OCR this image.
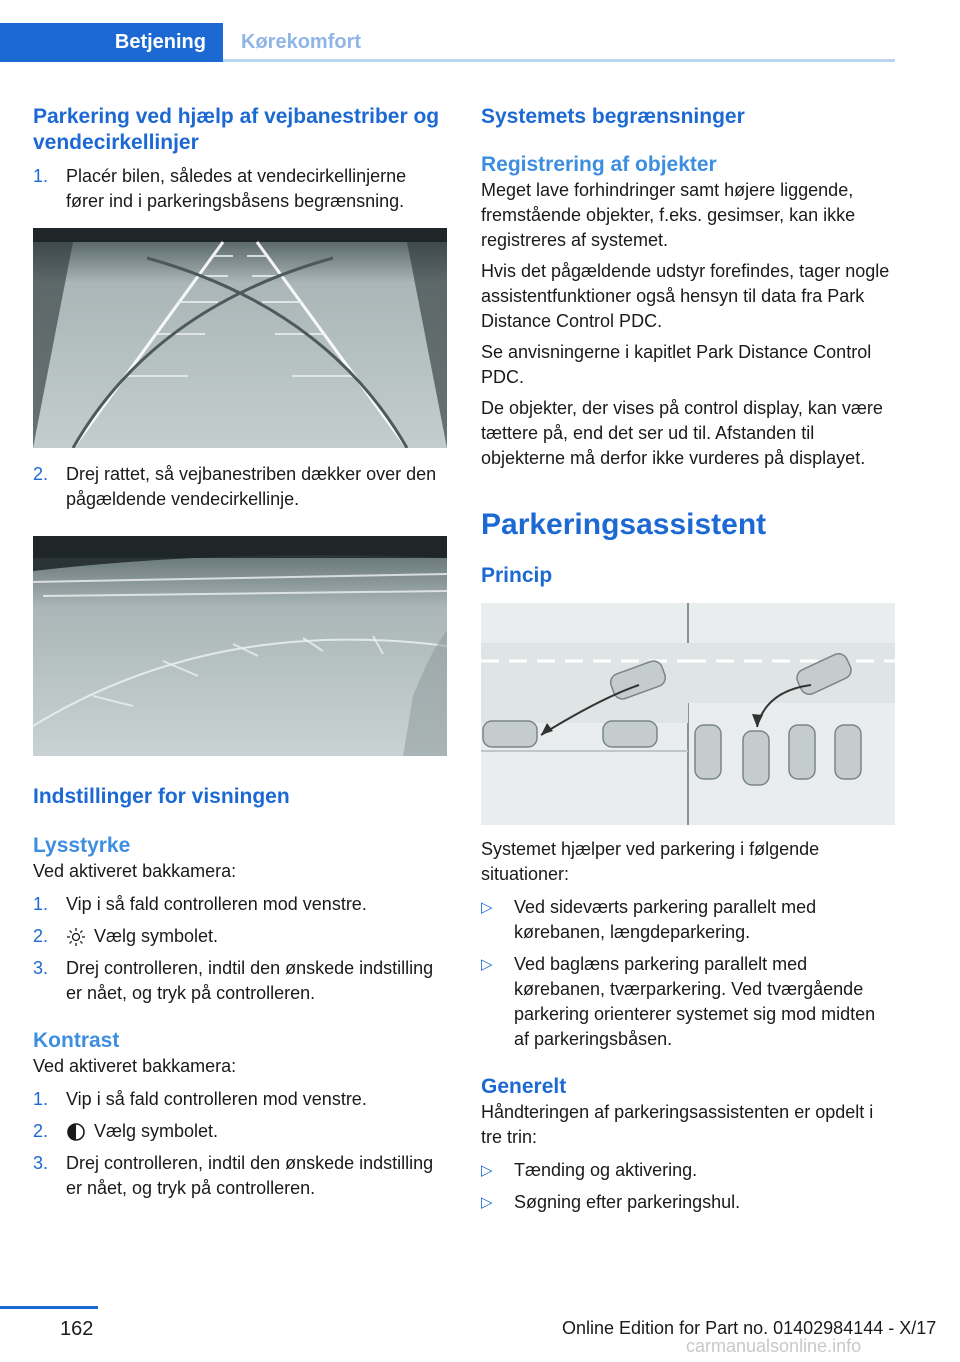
Betjening	Kørekomfort
Parkering ved hjælp af vejbanestriber og vendecirkellinjer
1. Placér bilen, således at vendecirkellinjerne fører ind i parkeringsbåsens begrænsning.
2. Drej rattet, så vejbanestriben dækker over den pågældende vendecirkellinje.
Indstillinger for visningen
Lysstyrke

Ved aktiveret bakkamera:

1. Vip i så fald controlleren mod venstre.
2.	Vælg symbolet.
3. Drej controlleren, indtil den ønskede indstilling er nået, og tryk på controlleren.
Kontrast

Ved aktiveret bakkamera:

1. Vip i så fald controlleren mod venstre.
2.	Vælg symbolet.
3. Drej controlleren, indtil den ønskede indstilling er nået, og tryk på controlleren.
Systemets begrænsninger
Registrering af objekter

Meget lave forhindringer samt højere liggende, fremstående objekter, f.eks. gesimser, kan ikke registreres af systemet.

Hvis det pågældende udstyr forefindes, tager nogle assistentfunktioner også hensyn til data fra Park Distance Control PDC.

Se anvisningerne i kapitlet Park Distance Control PDC.

De objekter, der vises på control display, kan være tættere på, end det ser ud til. Afstanden til objekterne må derfor ikke vurderes på displayet.

Parkeringsassistent
Princip

Systemet hjælper ved parkering i følgende situationer:

▷ Ved sideværts parkering parallelt med kørebanen, længdeparkering.
▷ Ved baglæns parkering parallelt med kørebanen, tværparkering. Ved tværgående parkering orienterer systemet sig mod midten af parkeringsbåsen.
Generelt

Håndteringen af parkeringsassistenten er opdelt i tre trin:

▷ Tænding og aktivering.
▷ Søgning efter parkeringshul.
162	Online Edition for Part no. 01402984144 - X/17
carmanualsonline.info
